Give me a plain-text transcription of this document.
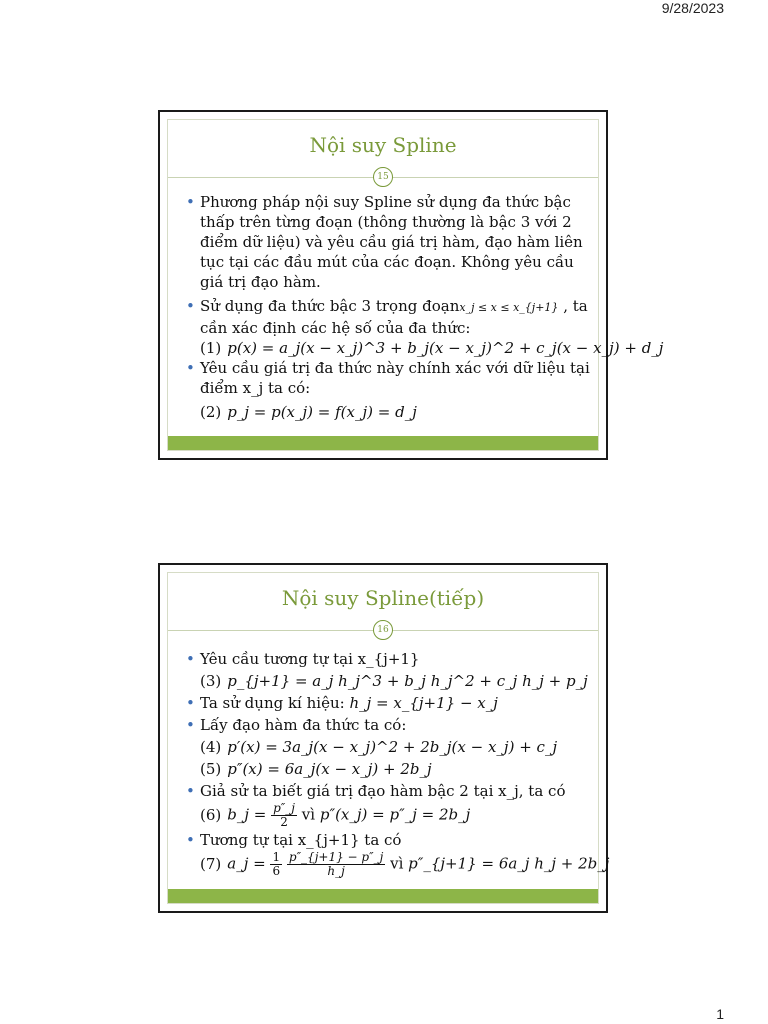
9/28/2023
Nội suy Spline
15
• Phương pháp nội suy Spline sử dụng đa thức bậc thấp trên từng đoạn (thông thường là bậc 3 với 2 điểm dữ liệu) và yêu cầu giá trị hàm, đạo hàm liên tục tại các đầu mút của các đoạn. Không yêu cầu giá trị đạo hàm.
• Sử dụng đa thức bậc 3 trọng đoạnx_j ≤ x ≤ x_{j+1} , ta cần xác định các hệ số của đa thức:
(1) p(x) = a_j(x − x_j)^3 + b_j(x − x_j)^2 + c_j(x − x_j) + d_j
• Yêu cầu giá trị đa thức này chính xác với dữ liệu tại điểm x_j ta có:
(2) p_j = p(x_j) = f(x_j) = d_j
Nội suy Spline(tiếp)
16
• Yêu cầu tương tự tại x_{j+1}
(3) p_{j+1} = a_j h_j^3 + b_j h_j^2 + c_j h_j + p_j
• Ta sử dụng kí hiệu: h_j = x_{j+1} − x_j
• Lấy đạo hàm đa thức ta có:
(4) p′(x) = 3a_j(x − x_j)^2 + 2b_j(x − x_j) + c_j
(5) p″(x) = 6a_j(x − x_j) + 2b_j
• Giả sử ta biết giá trị đạo hàm bậc 2 tại x_j, ta có
(6) b_j = $\frac{p''\_j}{2}$ vì p″(x_j) = p″_j = 2b_j
• Tương tự tại x_{j+1} ta có
(7) a_j = $\frac{1}{6}$
$\frac{p''\_\{j+1\} - p''\_j}{h\_j}$ vì p″_{j+1} = 6a_j h_j + 2b_j
1
